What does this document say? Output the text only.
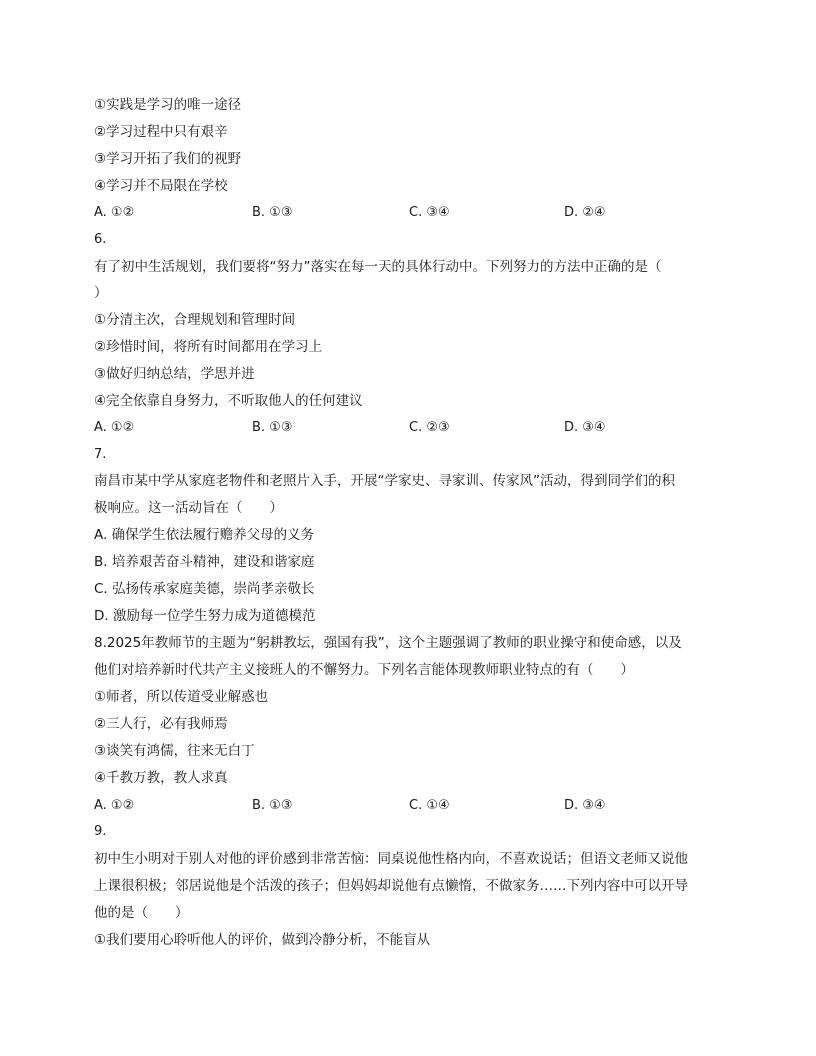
①实践是学习的唯一途径
②学习过程中只有艰辛
③学习开拓了我们的视野
④学习并不局限在学校
A. ①②	B. ①③	C. ③④	D. ②④
6.
有了初中生活规划，我们要将“努力”落实在每一天的具体行动中。下列努力的方法中正确的是（
）
①分清主次，合理规划和管理时间
②珍惜时间，将所有时间都用在学习上
③做好归纳总结，学思并进
④完全依靠自身努力，不听取他人的任何建议
A. ①②	B. ①③	C. ②③	D. ③④
7.
南昌市某中学从家庭老物件和老照片入手，开展“学家史、寻家训、传家风”活动，得到同学们的积
极响应。这一活动旨在（　　）
A. 确保学生依法履行赡养父母的义务
B. 培养艰苦奋斗精神，建设和谐家庭
C. 弘扬传承家庭美德，崇尚孝亲敬长
D. 激励每一位学生努力成为道德模范
8.2025年教师节的主题为“躬耕教坛，强国有我”，这个主题强调了教师的职业操守和使命感，以及
他们对培养新时代共产主义接班人的不懈努力。下列名言能体现教师职业特点的有（　　）
①师者，所以传道受业解惑也
②三人行，必有我师焉
③谈笑有鸿儒，往来无白丁
④千教万教，教人求真
A. ①②	B. ①③	C. ①④	D. ③④
9.
初中生小明对于别人对他的评价感到非常苦恼：同桌说他性格内向，不喜欢说话；但语文老师又说他
上课很积极；邻居说他是个活泼的孩子；但妈妈却说他有点懒惰，不做家务……下列内容中可以开导
他的是（　　）
①我们要用心聆听他人的评价，做到冷静分析，不能盲从
